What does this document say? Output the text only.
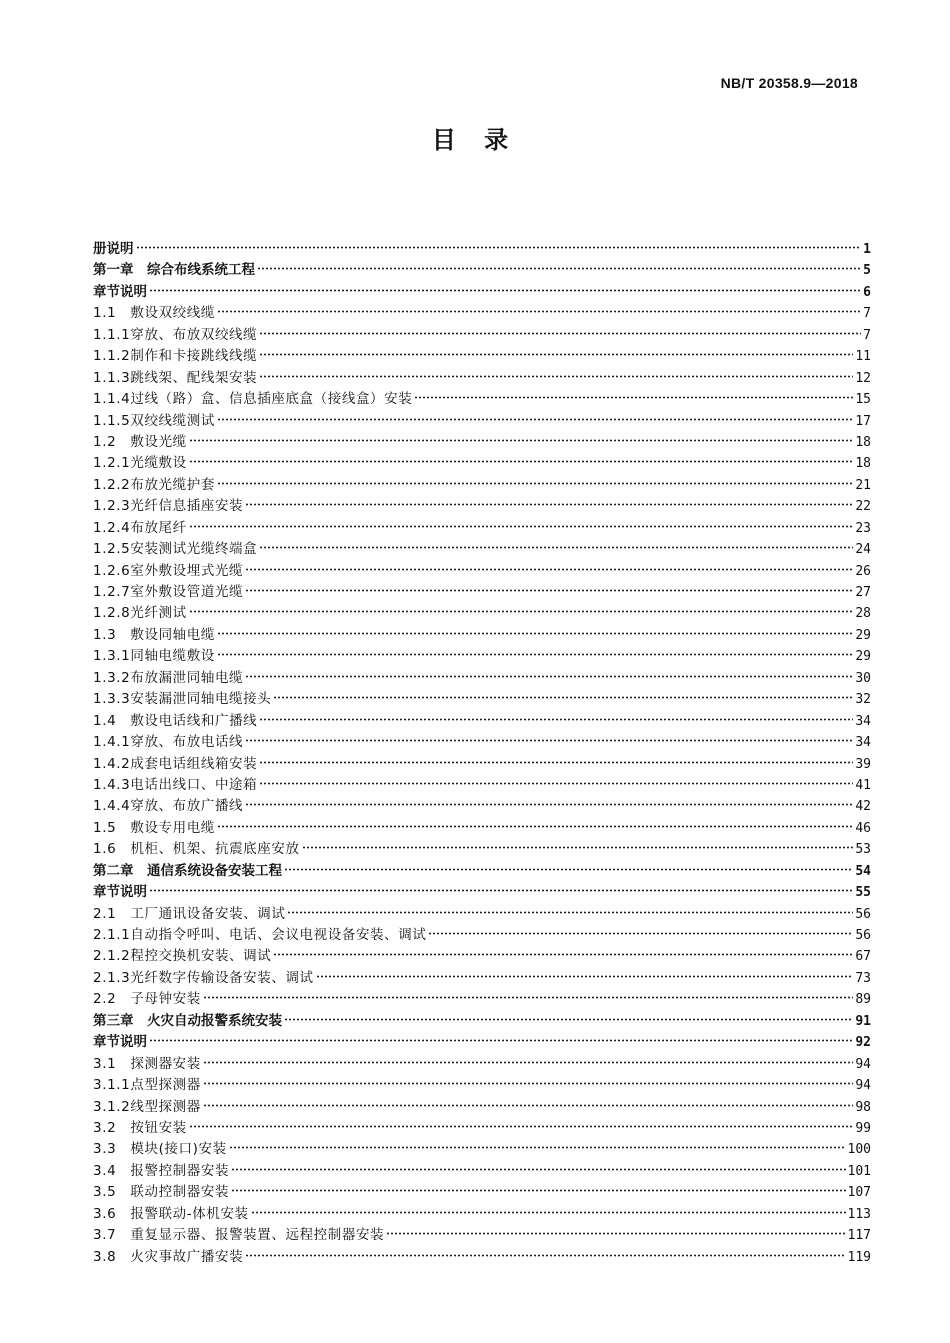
NB/T 20358.9—2018
目 录
册说明	1
第一章　综合布线系统工程	5
章节说明	6
1.1　敷设双绞线缆	7
1.1.1穿放、布放双绞线缆	7
1.1.2制作和卡接跳线线缆	11
1.1.3跳线架、配线架安装	12
1.1.4过线（路）盒、信息插座底盒（接线盒）安装	15
1.1.5双绞线缆测试	17
1.2　敷设光缆	18
1.2.1光缆敷设	18
1.2.2布放光缆护套	21
1.2.3光纤信息插座安装	22
1.2.4布放尾纤	23
1.2.5安装测试光缆终端盒	24
1.2.6室外敷设埋式光缆	26
1.2.7室外敷设管道光缆	27
1.2.8光纤测试	28
1.3　敷设同轴电缆	29
1.3.1同轴电缆敷设	29
1.3.2布放漏泄同轴电缆	30
1.3.3安装漏泄同轴电缆接头	32
1.4　敷设电话线和广播线	34
1.4.1穿放、布放电话线	34
1.4.2成套电话组线箱安装	39
1.4.3电话出线口、中途箱	41
1.4.4穿放、布放广播线	42
1.5　敷设专用电缆	46
1.6　机柜、机架、抗震底座安放	53
第二章　通信系统设备安装工程	54
章节说明	55
2.1　工厂通讯设备安装、调试	56
2.1.1自动指令呼叫、电话、会议电视设备安装、调试	56
2.1.2程控交换机安装、调试	67
2.1.3光纤数字传输设备安装、调试	73
2.2　子母钟安装	89
第三章　火灾自动报警系统安装	91
章节说明	92
3.1　探测器安装	94
3.1.1点型探测器	94
3.1.2线型探测器	98
3.2　按钮安装	99
3.3　模块(接口)安装	100
3.4　报警控制器安装	101
3.5　联动控制器安装	107
3.6　报警联动-体机安装	113
3.7　重复显示器、报警装置、远程控制器安装	117
3.8　火灾事故广播安装	119
